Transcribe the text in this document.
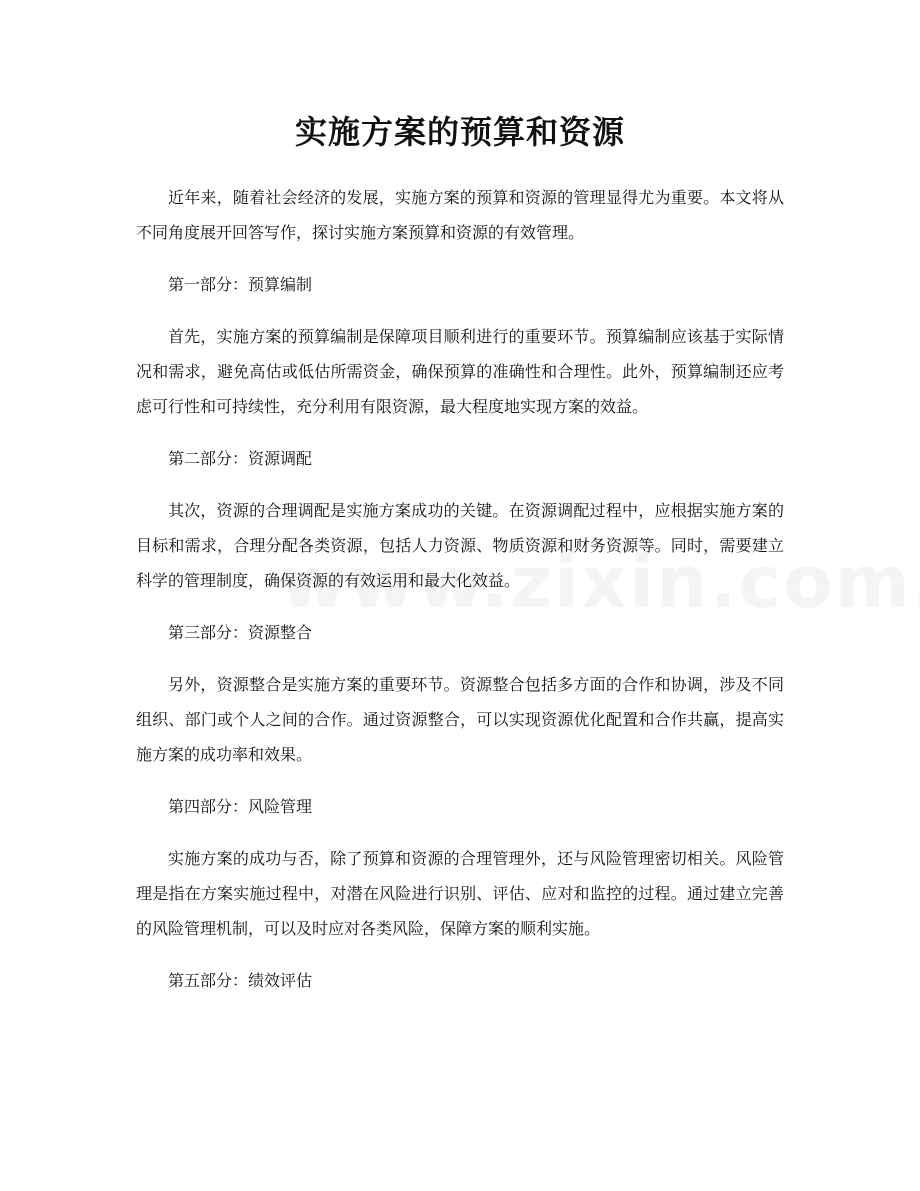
实施方案的预算和资源

近年来，随着社会经济的发展，实施方案的预算和资源的管理显得尤为重要。本文将从不同角度展开回答写作，探讨实施方案预算和资源的有效管理。

第一部分：预算编制

首先，实施方案的预算编制是保障项目顺利进行的重要环节。预算编制应该基于实际情况和需求，避免高估或低估所需资金，确保预算的准确性和合理性。此外，预算编制还应考虑可行性和可持续性，充分利用有限资源，最大程度地实现方案的效益。

第二部分：资源调配

其次，资源的合理调配是实施方案成功的关键。在资源调配过程中，应根据实施方案的目标和需求，合理分配各类资源，包括人力资源、物质资源和财务资源等。同时，需要建立科学的管理制度，确保资源的有效运用和最大化效益。

第三部分：资源整合

另外，资源整合是实施方案的重要环节。资源整合包括多方面的合作和协调，涉及不同组织、部门或个人之间的合作。通过资源整合，可以实现资源优化配置和合作共赢，提高实施方案的成功率和效果。

第四部分：风险管理

实施方案的成功与否，除了预算和资源的合理管理外，还与风险管理密切相关。风险管理是指在方案实施过程中，对潜在风险进行识别、评估、应对和监控的过程。通过建立完善的风险管理机制，可以及时应对各类风险，保障方案的顺利实施。

第五部分：绩效评估
